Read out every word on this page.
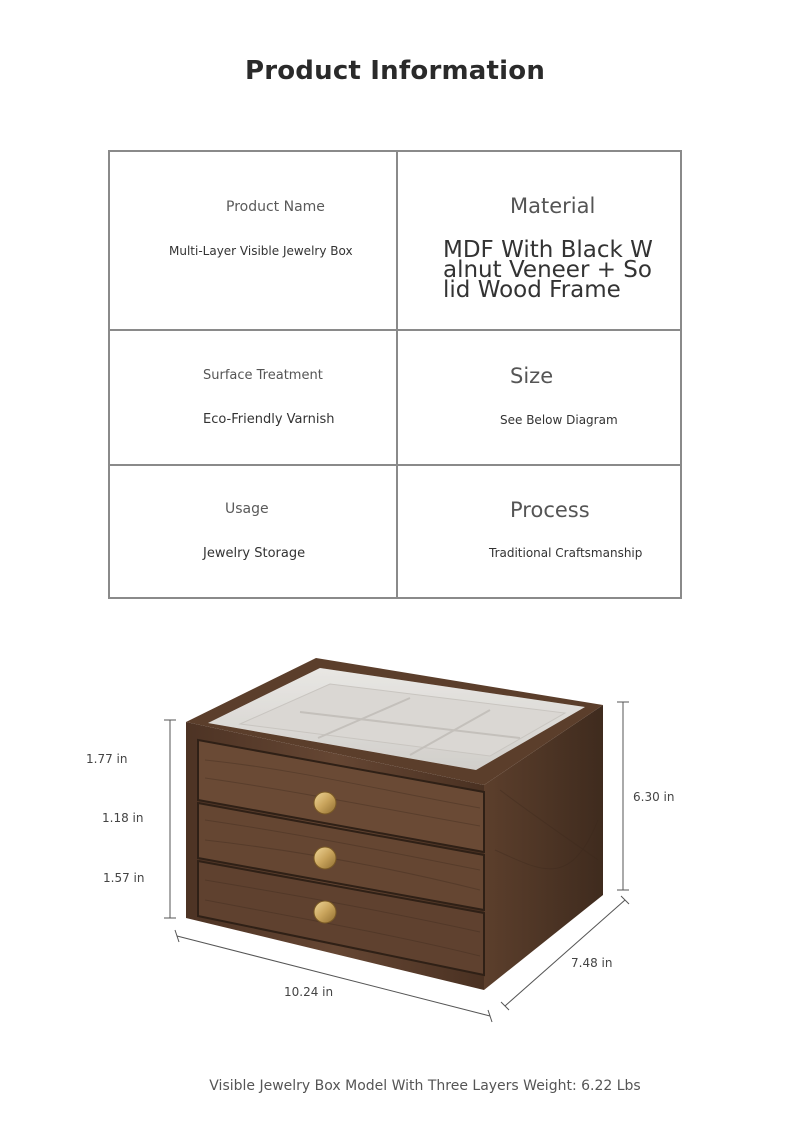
Product Information
Product Name
Multi-Layer Visible Jewelry Box
Material
MDF With Black Walnut Veneer + Solid Wood Frame
Surface Treatment
Eco-Friendly Varnish
Size
See Below Diagram
Usage
Jewelry Storage
Process
Traditional Craftsmanship
1.77 in
1.18 in
1.57 in
6.30 in
10.24 in
7.48 in
Visible Jewelry Box Model With Three Layers Weight: 6.22 Lbs
